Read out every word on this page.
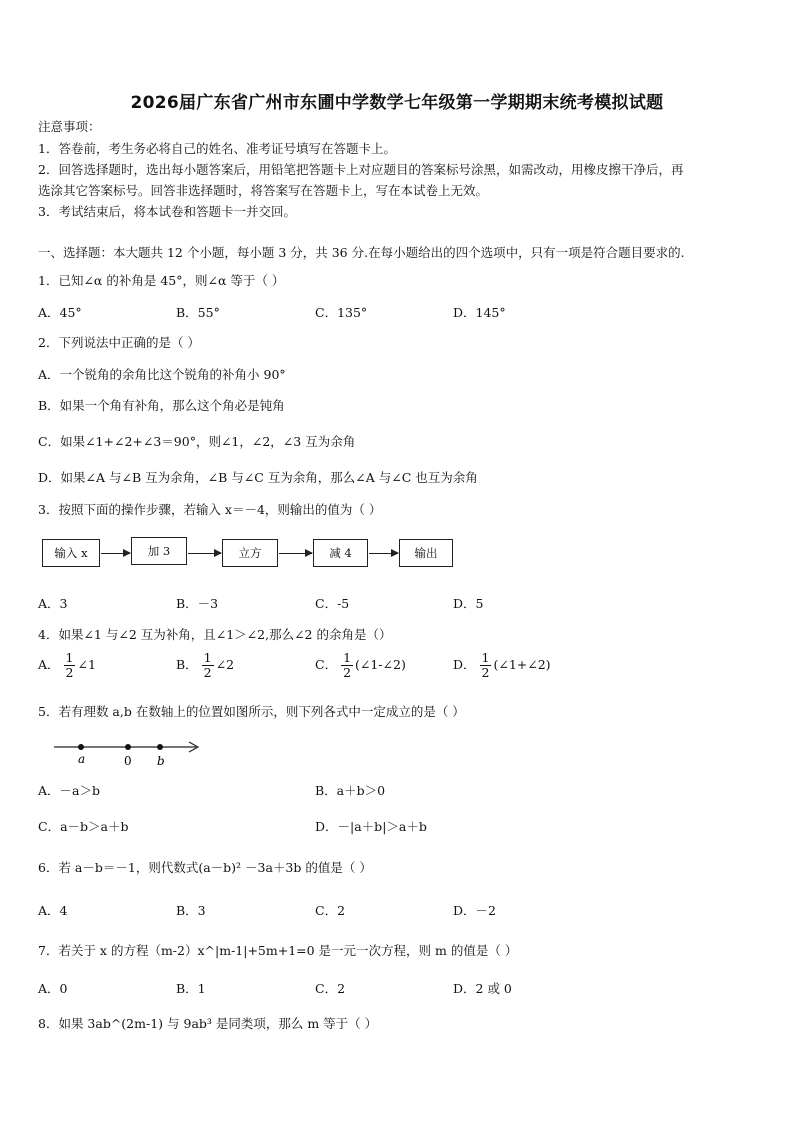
2026届广东省广州市东圃中学数学七年级第一学期期末统考模拟试题
注意事项：
1．答卷前，考生务必将自己的姓名、准考证号填写在答题卡上。
2．回答选择题时，选出每小题答案后，用铅笔把答题卡上对应题目的答案标号涂黑，如需改动，用橡皮擦干净后，再
选涂其它答案标号。回答非选择题时，将答案写在答题卡上，写在本试卷上无效。
3．考试结束后，将本试卷和答题卡一并交回。
一、选择题：本大题共 12 个小题，每小题 3 分，共 36 分.在每小题给出的四个选项中，只有一项是符合题目要求的.
1．已知∠α 的补角是 45°，则∠α 等于（ ）
A．45°	B．55°	C．135°	D．145°
2．下列说法中正确的是（ ）
A．一个锐角的余角比这个锐角的补角小 90°
B．如果一个角有补角，那么这个角必是钝角
C．如果∠1+∠2+∠3＝90°，则∠1，∠2，∠3 互为余角
D．如果∠A 与∠B 互为余角，∠B 与∠C 互为余角，那么∠A 与∠C 也互为余角
3．按照下面的操作步骤，若输入 x＝－4，则输出的值为（ ）
输入 x	加 3	立方	减 4	输出
A．3	B．－3	C．-5	D．5
4．如果∠1 与∠2 互为补角，且∠1＞∠2,那么∠2 的余角是（）
A． $\frac{1}{2}$ ∠1	B． $\frac{1}{2}$ ∠2	C． $\frac{1}{2}$ (∠1-∠2)	D． $\frac{1}{2}$ (∠1+∠2)
5．若有理数 a,b 在数轴上的位置如图所示，则下列各式中一定成立的是（ ）
a	0 b
A．－a＞b	B．a＋b＞0
C．a－b＞a＋b	D．－|a＋b|＞a＋b
6．若 a－b＝－1，则代数式(a－b)² －3a＋3b 的值是（ ）
A．4	B．3	C．2	D．－2
7．若关于 x 的方程（m-2）x^|m-1|+5m+1=0 是一元一次方程，则 m 的值是（ ）
A．0	B．1	C．2	D．2 或 0
8．如果 3ab^(2m-1) 与 9ab³ 是同类项，那么 m 等于（ ）
